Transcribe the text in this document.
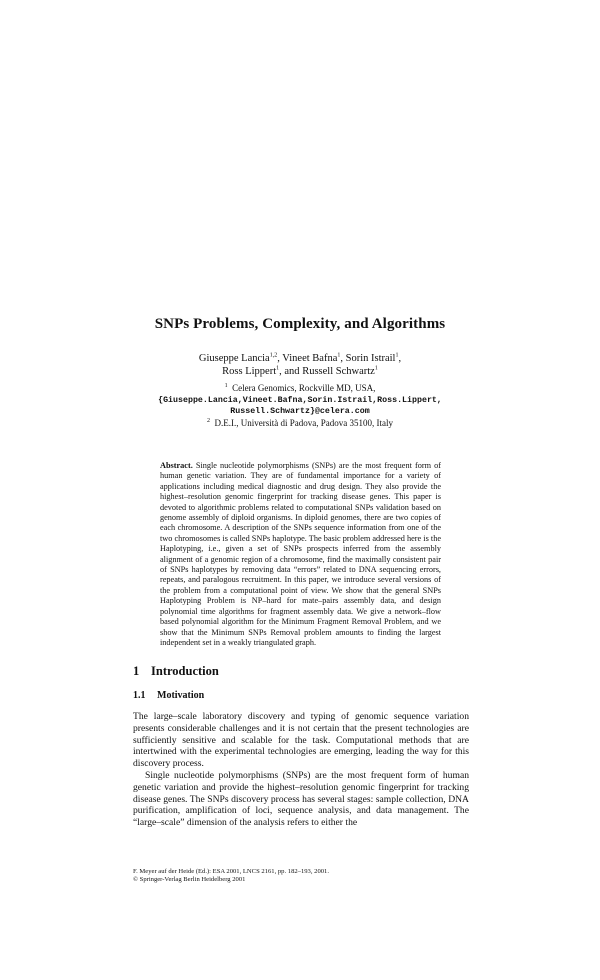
SNPs Problems, Complexity, and Algorithms
Giuseppe Lancia$^{1,2}$, Vineet Bafna$^1$, Sorin Istrail$^1$,
Ross Lippert$^1$, and Russell Schwartz$^1$
$^1$ Celera Genomics, Rockville MD, USA,
{Giuseppe.Lancia,Vineet.Bafna,Sorin.Istrail,Ross.Lippert,
Russell.Schwartz}@celera.com
$^2$ D.E.I., Università di Padova, Padova 35100, Italy
Abstract. Single nucleotide polymorphisms (SNPs) are the most frequent form of human genetic variation. They are of fundamental importance for a variety of applications including medical diagnostic and drug design. They also provide the highest–resolution genomic fingerprint for tracking disease genes. This paper is devoted to algorithmic problems related to computational SNPs validation based on genome assembly of diploid organisms. In diploid genomes, there are two copies of each chromosome. A description of the SNPs sequence information from one of the two chromosomes is called SNPs haplotype. The basic problem addressed here is the Haplotyping, i.e., given a set of SNPs prospects inferred from the assembly alignment of a genomic region of a chromosome, find the maximally consistent pair of SNPs haplotypes by removing data “errors” related to DNA sequencing errors, repeats, and paralogous recruitment. In this paper, we introduce several versions of the problem from a computational point of view. We show that the general SNPs Haplotyping Problem is NP–hard for mate–pairs assembly data, and design polynomial time algorithms for fragment assembly data. We give a network–flow based polynomial algorithm for the Minimum Fragment Removal Problem, and we show that the Minimum SNPs Removal problem amounts to finding the largest independent set in a weakly triangulated graph.
1 Introduction
1.1 Motivation

The large–scale laboratory discovery and typing of genomic sequence variation presents considerable challenges and it is not certain that the present technologies are sufficiently sensitive and scalable for the task. Computational methods that are intertwined with the experimental technologies are emerging, leading the way for this discovery process.

Single nucleotide polymorphisms (SNPs) are the most frequent form of human genetic variation and provide the highest–resolution genomic fingerprint for tracking disease genes. The SNPs discovery process has several stages: sample collection, DNA purification, amplification of loci, sequence analysis, and data management. The “large–scale” dimension of the analysis refers to either the

F. Meyer auf der Heide (Ed.): ESA 2001, LNCS 2161, pp. 182–193, 2001.
© Springer-Verlag Berlin Heidelberg 2001
